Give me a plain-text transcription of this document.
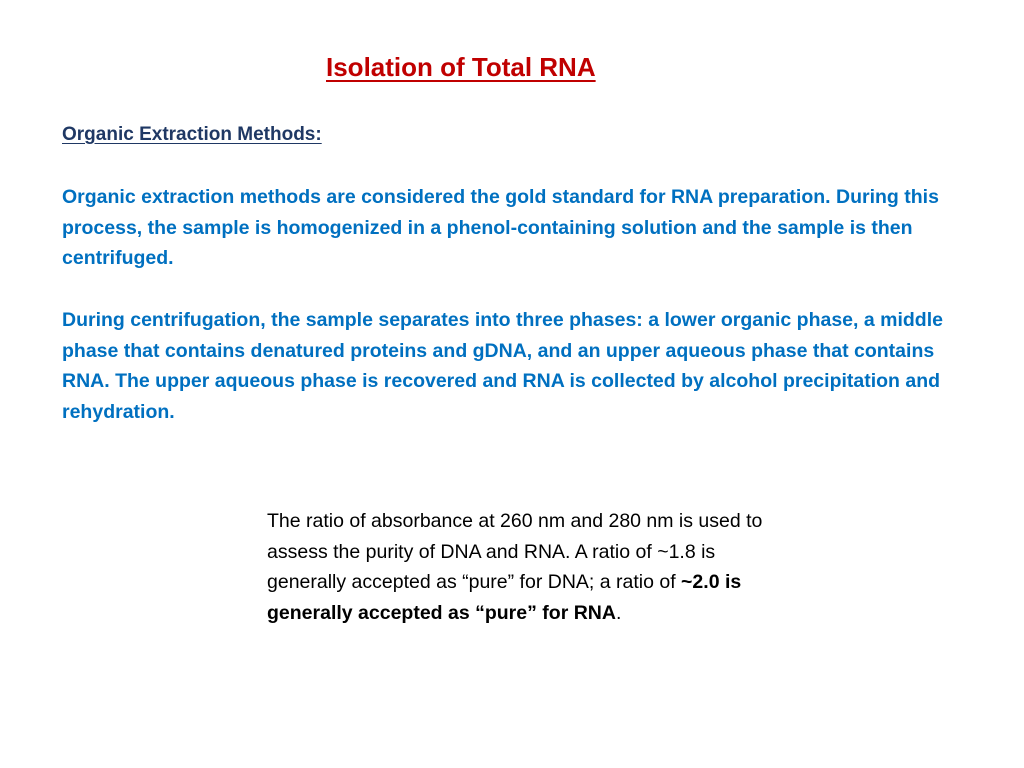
Isolation of Total RNA
Organic Extraction Methods:

Organic extraction methods are considered the gold standard for RNA preparation. During this process, the sample is homogenized in a phenol-containing solution and the sample is then centrifuged.

During centrifugation, the sample separates into three phases: a lower organic phase, a middle phase that contains denatured proteins and gDNA, and an upper aqueous phase that contains RNA. The upper aqueous phase is recovered and RNA is collected by alcohol precipitation and rehydration.

The ratio of absorbance at 260 nm and 280 nm is used to assess the purity of DNA and RNA. A ratio of ~1.8 is generally accepted as “pure” for DNA; a ratio of ~2.0 is generally accepted as “pure” for RNA.
